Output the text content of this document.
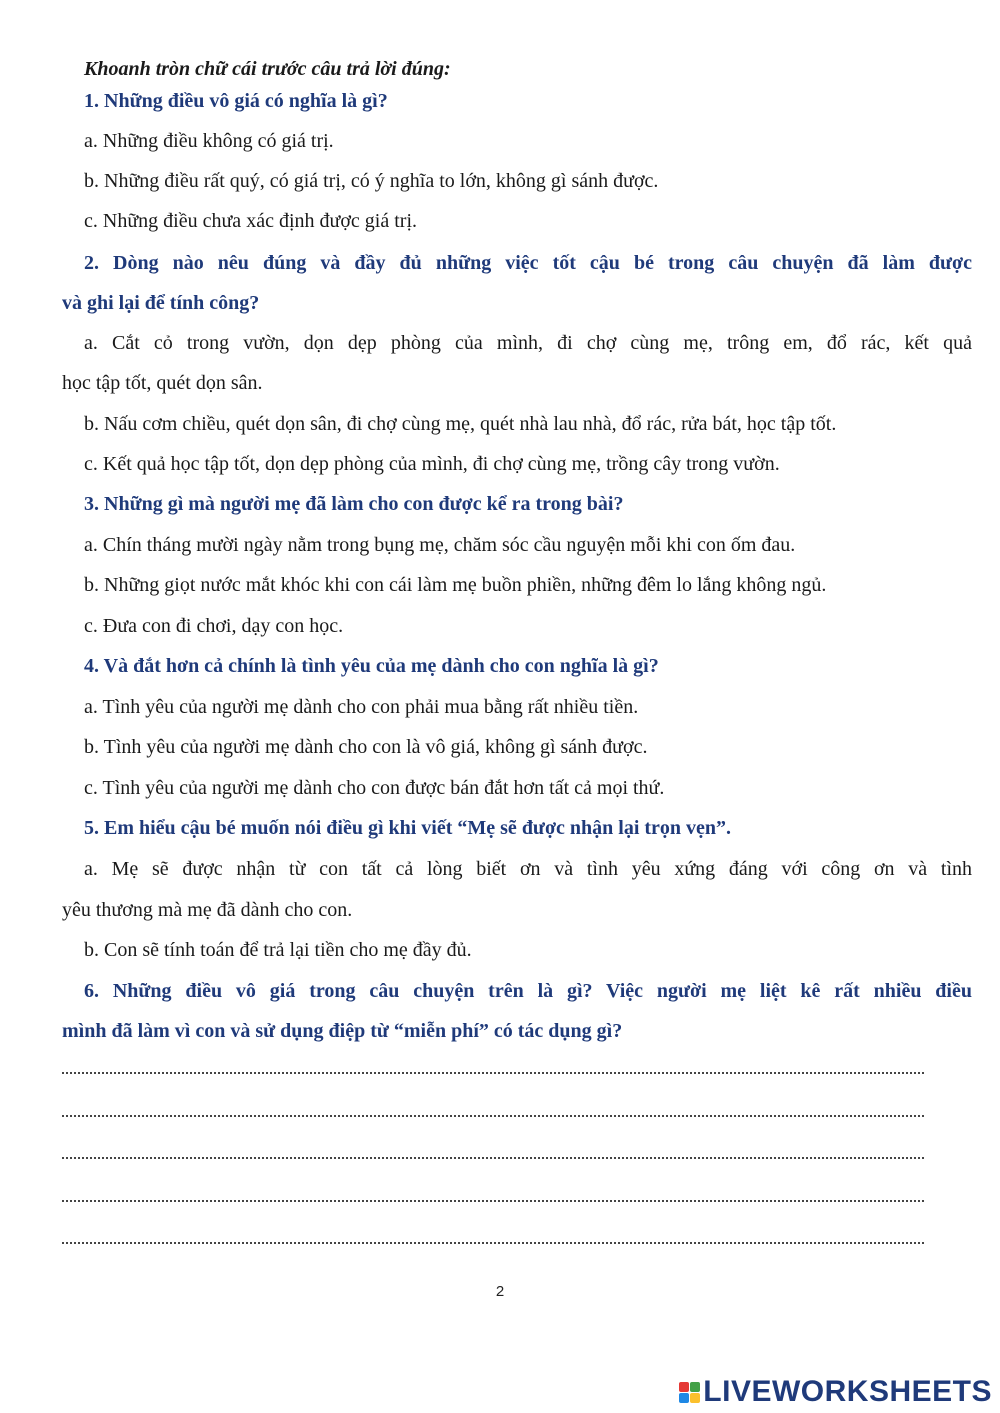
Khoanh tròn chữ cái trước câu trả lời đúng:
1. Những điều vô giá có nghĩa là gì?
a. Những điều không có giá trị.
b. Những điều rất quý, có giá trị, có ý nghĩa to lớn, không gì sánh được.
c. Những điều chưa xác định được giá trị.
2. Dòng nào nêu đúng và đầy đủ những việc tốt cậu bé trong câu chuyện đã làm được
và ghi lại để tính công?
a. Cắt cỏ trong vườn, dọn dẹp phòng của mình, đi chợ cùng mẹ, trông em, đổ rác, kết quả
học tập tốt, quét dọn sân.
b. Nấu cơm chiều, quét dọn sân, đi chợ cùng mẹ, quét nhà lau nhà, đổ rác, rửa bát, học tập tốt.
c. Kết quả học tập tốt, dọn dẹp phòng của mình, đi chợ cùng mẹ, trồng cây trong vườn.
3. Những gì mà người mẹ đã làm cho con được kể ra trong bài?
a. Chín tháng mười ngày nằm trong bụng mẹ, chăm sóc cầu nguyện mỗi khi con ốm đau.
b. Những giọt nước mắt khóc khi con cái làm mẹ buồn phiền, những đêm lo lắng không ngủ.
c. Đưa con đi chơi, dạy con học.
4. Và đắt hơn cả chính là tình yêu của mẹ dành cho con nghĩa là gì?
a. Tình yêu của người mẹ dành cho con phải mua bằng rất nhiều tiền.
b. Tình yêu của người mẹ dành cho con là vô giá, không gì sánh được.
c. Tình yêu của người mẹ dành cho con được bán đắt hơn tất cả mọi thứ.
5. Em hiểu cậu bé muốn nói điều gì khi viết “Mẹ sẽ được nhận lại trọn vẹn”.
a. Mẹ sẽ được nhận từ con tất cả lòng biết ơn và tình yêu xứng đáng với công ơn và tình
yêu thương mà mẹ đã dành cho con.
b. Con sẽ tính toán để trả lại tiền cho mẹ đầy đủ.
6. Những điều vô giá trong câu chuyện trên là gì? Việc người mẹ liệt kê rất nhiều điều
mình đã làm vì con và sử dụng điệp từ “miễn phí” có tác dụng gì?
2
LIVEWORKSHEETS
